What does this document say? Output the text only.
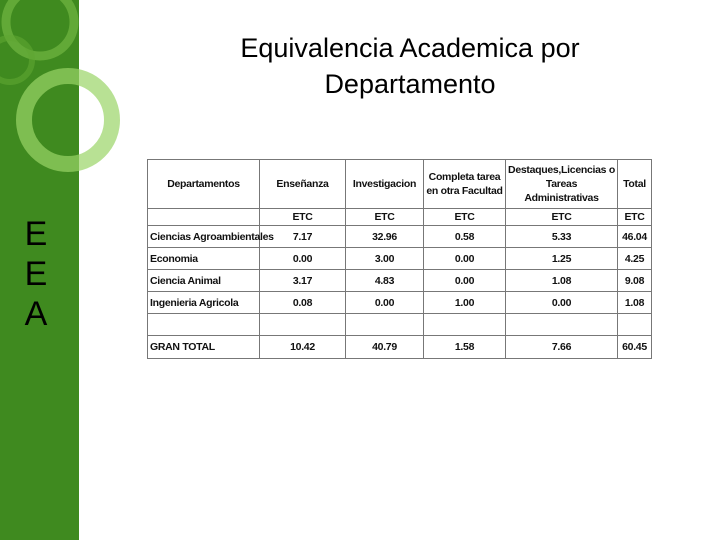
E
E
A
Equivalencia Academica por
Departamento
Departamentos	Enseñanza	Investigacion	Completa tarea en otra Facultad	Destaques,Licencias o Tareas Administrativas	Total
	ETC	ETC	ETC	ETC	ETC
Ciencias Agroambientales	7.17	32.96	0.58	5.33	46.04
Economia	0.00	3.00	0.00	1.25	4.25
Ciencia Animal	3.17	4.83	0.00	1.08	9.08
Ingenieria Agricola	0.08	0.00	1.00	0.00	1.08

GRAN TOTAL	10.42	40.79	1.58	7.66	60.45
